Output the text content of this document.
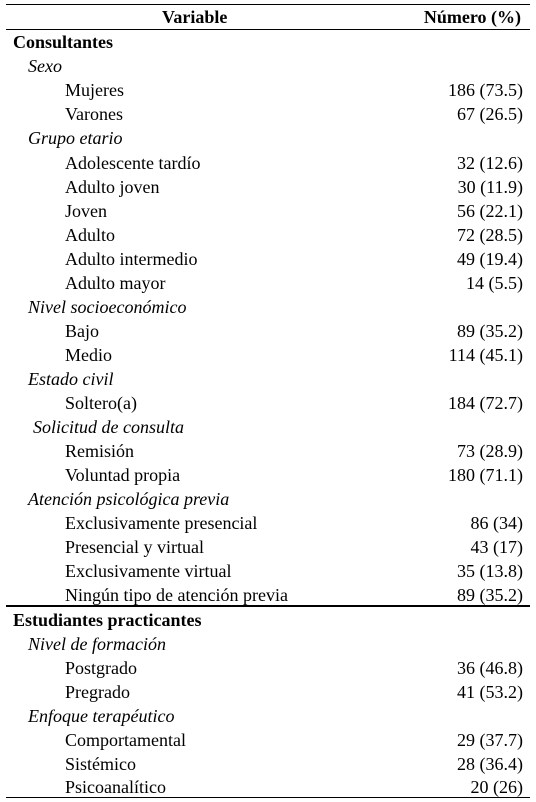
Variable	Número (%)
Consultantes
Sexo
Mujeres	186 (73.5)
Varones	67 (26.5)
Grupo etario
Adolescente tardío	32 (12.6)
Adulto joven	30 (11.9)
Joven	56 (22.1)
Adulto	72 (28.5)
Adulto intermedio	49 (19.4)
Adulto mayor	14 (5.5)
Nivel socioeconómico
Bajo	89 (35.2)
Medio	114 (45.1)
Estado civil
Soltero(a)	184 (72.7)
Solicitud de consulta
Remisión	73 (28.9)
Voluntad propia	180 (71.1)
Atención psicológica previa
Exclusivamente presencial	86 (34)
Presencial y virtual	43 (17)
Exclusivamente virtual	35 (13.8)
Ningún tipo de atención previa	89 (35.2)
Estudiantes practicantes
Nivel de formación
Postgrado	36 (46.8)
Pregrado	41 (53.2)
Enfoque terapéutico
Comportamental	29 (37.7)
Sistémico	28 (36.4)
Psicoanalítico	20 (26)
